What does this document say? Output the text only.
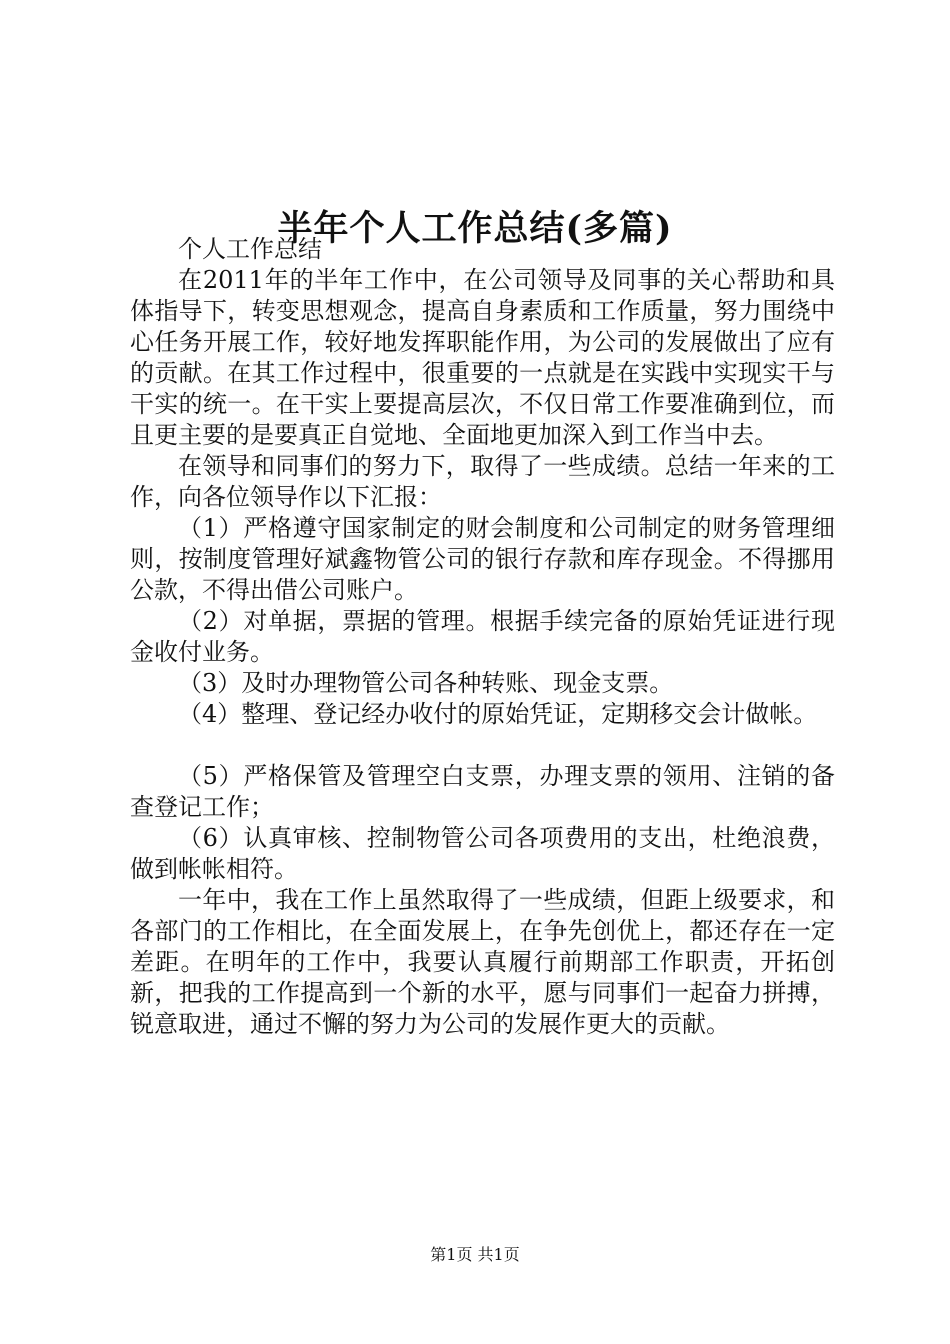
半年个人工作总结(多篇)

个人工作总结

在2011年的半年工作中，在公司领导及同事的关心帮助和具体指导下，转变思想观念，提高自身素质和工作质量，努力围绕中心任务开展工作，较好地发挥职能作用，为公司的发展做出了应有的贡献。在其工作过程中，很重要的一点就是在实践中实现实干与干实的统一。在干实上要提高层次，不仅日常工作要准确到位，而且更主要的是要真正自觉地、全面地更加深入到工作当中去。

在领导和同事们的努力下，取得了一些成绩。总结一年来的工作，向各位领导作以下汇报：

（1）严格遵守国家制定的财会制度和公司制定的财务管理细则，按制度管理好斌鑫物管公司的银行存款和库存现金。不得挪用公款，不得出借公司账户。

（2）对单据，票据的管理。根据手续完备的原始凭证进行现金收付业务。

（3）及时办理物管公司各种转账、现金支票。

（4）整理、登记经办收付的原始凭证，定期移交会计做帐。

（5）严格保管及管理空白支票，办理支票的领用、注销的备查登记工作；

（6）认真审核、控制物管公司各项费用的支出，杜绝浪费，做到帐帐相符。

一年中，我在工作上虽然取得了一些成绩，但距上级要求，和各部门的工作相比，在全面发展上，在争先创优上，都还存在一定差距。在明年的工作中，我要认真履行前期部工作职责，开拓创新，把我的工作提高到一个新的水平，愿与同事们一起奋力拼搏，锐意取进，通过不懈的努力为公司的发展作更大的贡献。

第1页 共1页
